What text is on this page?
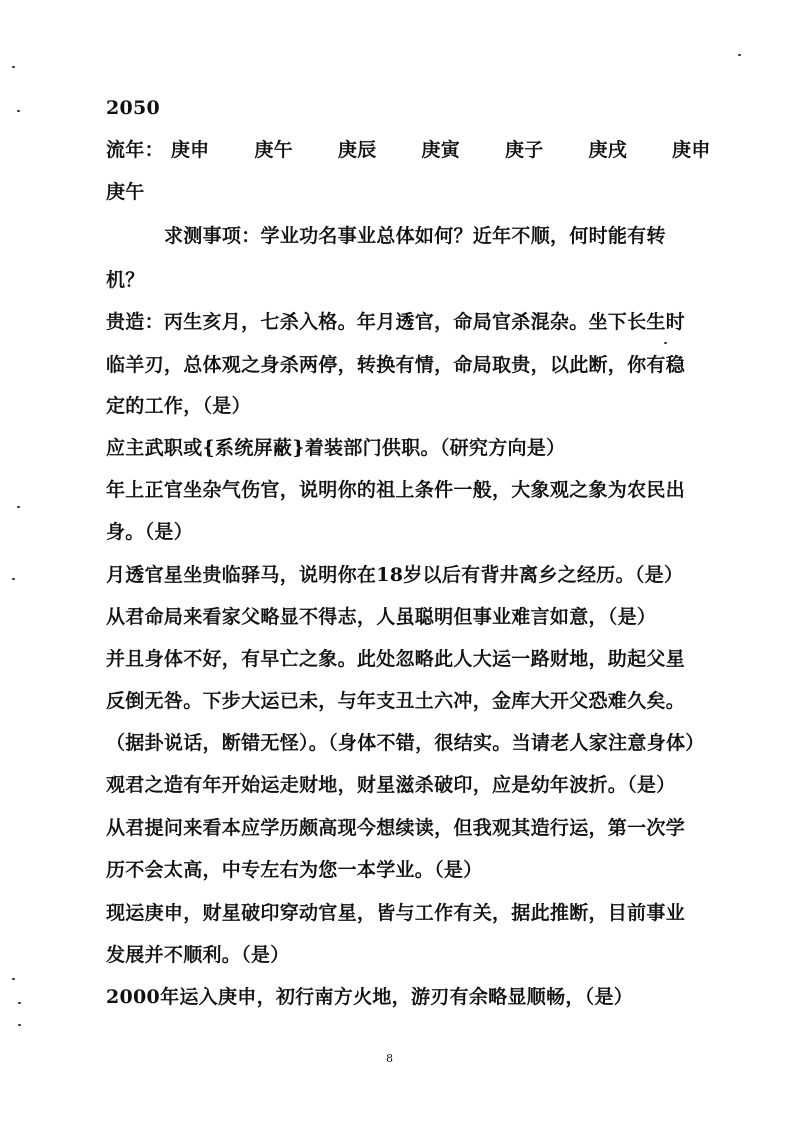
2050
流年： 庚申 庚午 庚辰 庚寅 庚子 庚戌 庚申
庚午
求测事项：学业功名事业总体如何？近年不顺，何时能有转
机？
贵造：丙生亥月，七杀入格。年月透官，命局官杀混杂。坐下长生时
临羊刃，总体观之身杀两停，转换有情，命局取贵，以此断，你有稳
定的工作，（是）
应主武职或{系统屏蔽}着装部门供职。（研究方向是）
年上正官坐杂气伤官，说明你的祖上条件一般，大象观之象为农民出
身。（是）
月透官星坐贵临驿马，说明你在18岁以后有背井离乡之经历。（是）
从君命局来看家父略显不得志，人虽聪明但事业难言如意，（是）
并且身体不好，有早亡之象。此处忽略此人大运一路财地，助起父星
反倒无咎。下步大运已未，与年支丑土六冲，金库大开父恐难久矣。
（据卦说话，断错无怪）。（身体不错，很结实。当请老人家注意身体）
观君之造有年开始运走财地，财星滋杀破印，应是幼年波折。（是）
从君提问来看本应学历颇高现今想续读，但我观其造行运，第一次学
历不会太高，中专左右为您一本学业。（是）
现运庚申，财星破印穿动官星，皆与工作有关，据此推断，目前事业
发展并不顺利。（是）
2000年运入庚申，初行南方火地，游刃有余略显顺畅，（是）
8
